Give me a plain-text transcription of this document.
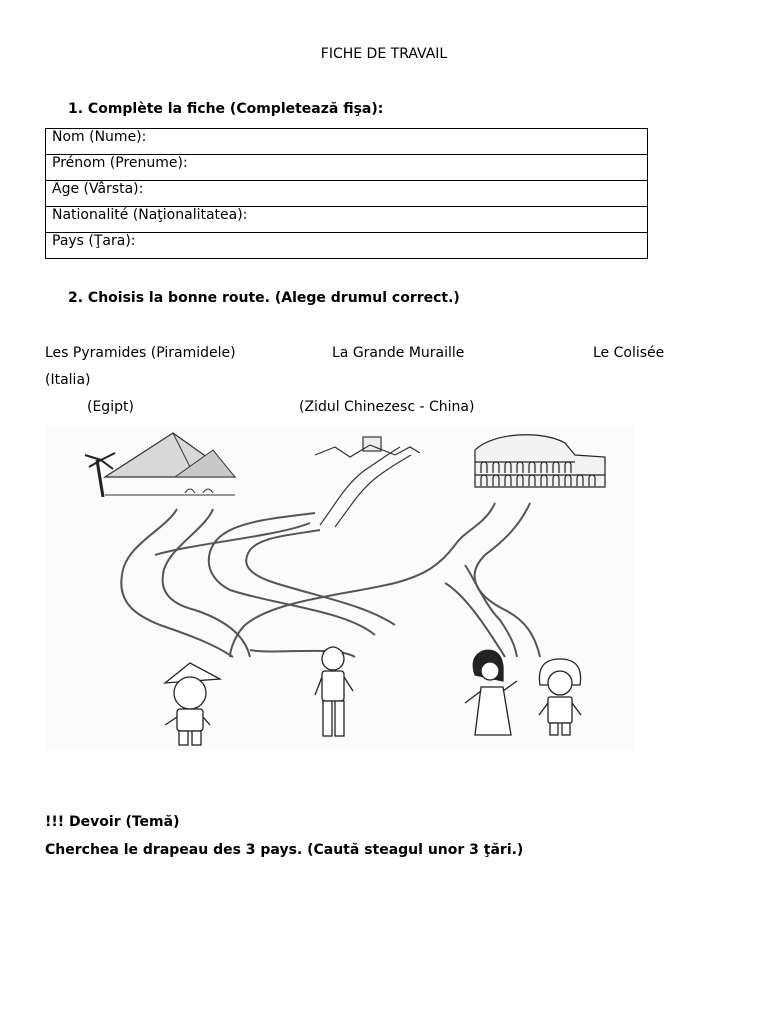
FICHE DE TRAVAIL
1. Complète la fiche (Completează fişa):
Nom (Nume):
Prénom (Prenume):
Âge (Vârsta):
Nationalité (Naţionalitatea):
Pays (Ţara):
2. Choisis la bonne route. (Alege drumul correct.)
Les Pyramides (Piramidele)	La Grande Muraille	Le Colisée
(Italia)
(Egipt)	(Zidul Chinezesc - China)
!!! Devoir (Temă)
Cherchea le drapeau des 3 pays. (Caută steagul unor 3 ţări.)
